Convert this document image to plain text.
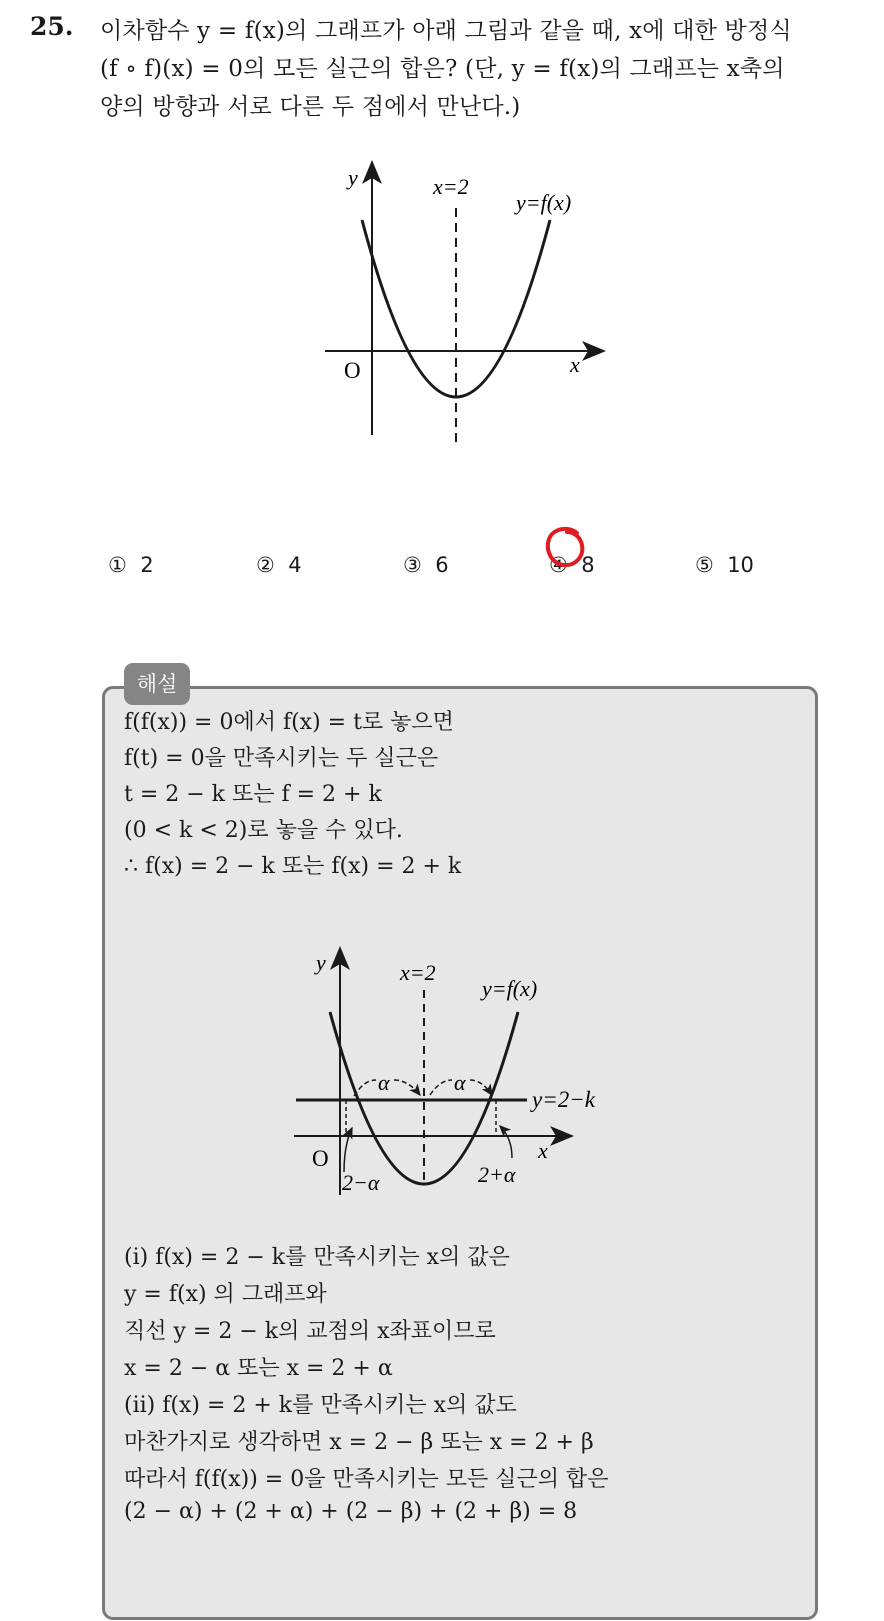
25. 이차함수 y = f(x)의 그래프가 아래 그림과 같을 때, x에 대한 방정식
(f ∘ f)(x) = 0의 모든 실근의 합은? (단, y = f(x)의 그래프는 x축의
양의 방향과 서로 다른 두 점에서 만난다.)
y
x
O
x=2
y=f(x)
① 2	② 4	③ 6	④ 8	⑤ 10
해설
f(f(x)) = 0에서 f(x) = t로 놓으면
f(t) = 0을 만족시키는 두 실근은
t = 2 − k 또는 f = 2 + k
(0 < k < 2)로 놓을 수 있다.
∴ f(x) = 2 − k 또는 f(x) = 2 + k
α	α
y
x
O
x=2
y=f(x)
y=2−k
2−α	2+α
(ⅰ) f(x) = 2 − k를 만족시키는 x의 값은
y = f(x) 의 그래프와
직선 y = 2 − k의 교점의 x좌표이므로
x = 2 − α 또는 x = 2 + α
(ⅱ) f(x) = 2 + k를 만족시키는 x의 값도
마찬가지로 생각하면 x = 2 − β 또는 x = 2 + β
따라서 f(f(x)) = 0을 만족시키는 모든 실근의 합은
(2 − α) + (2 + α) + (2 − β) + (2 + β) = 8
